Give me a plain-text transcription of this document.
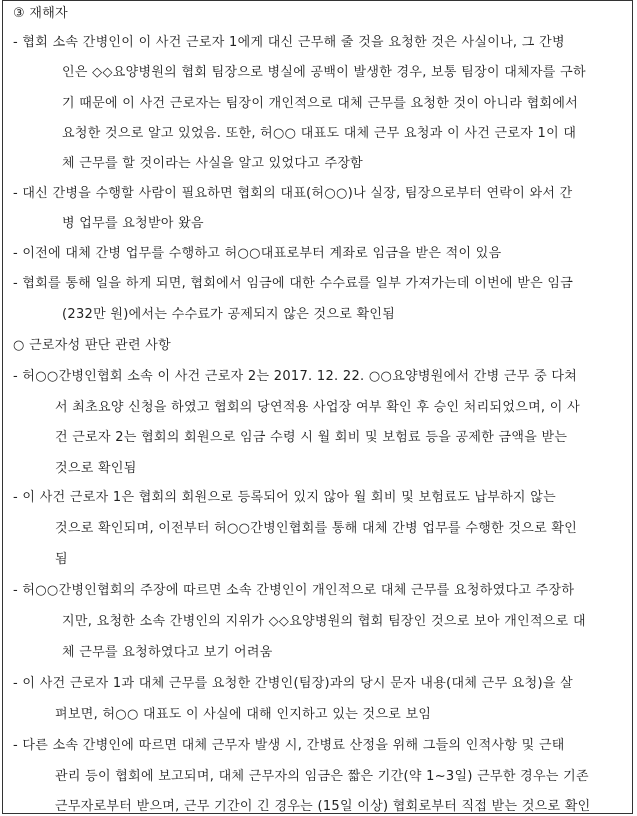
③ 재해자
- 협회 소속 간병인이 이 사건 근로자 1에게 대신 근무해 줄 것을 요청한 것은 사실이나, 그 간병
인은 ◇◇요양병원의 협회 팀장으로 병실에 공백이 발생한 경우, 보통 팀장이 대체자를 구하
기 때문에 이 사건 근로자는 팀장이 개인적으로 대체 근무를 요청한 것이 아니라 협회에서
요청한 것으로 알고 있었음. 또한, 허○○ 대표도 대체 근무 요청과 이 사건 근로자 1이 대
체 근무를 할 것이라는 사실을 알고 있었다고 주장함
- 대신 간병을 수행할 사람이 필요하면 협회의 대표(허○○)나 실장, 팀장으로부터 연락이 와서 간
병 업무를 요청받아 왔음
- 이전에 대체 간병 업무를 수행하고 허○○대표로부터 계좌로 임금을 받은 적이 있음
- 협회를 통해 일을 하게 되면, 협회에서 임금에 대한 수수료를 일부 가져가는데 이번에 받은 임금
(232만 원)에서는 수수료가 공제되지 않은 것으로 확인됨
○ 근로자성 판단 관련 사항
- 허○○간병인협회 소속 이 사건 근로자 2는 2017. 12. 22. ○○요양병원에서 간병 근무 중 다쳐
서 최초요양 신청을 하였고 협회의 당연적용 사업장 여부 확인 후 승인 처리되었으며, 이 사
건 근로자 2는 협회의 회원으로 임금 수령 시 월 회비 및 보험료 등을 공제한 금액을 받는
것으로 확인됨
- 이 사건 근로자 1은 협회의 회원으로 등록되어 있지 않아 월 회비 및 보험료도 납부하지 않는
것으로 확인되며, 이전부터 허○○간병인협회를 통해 대체 간병 업무를 수행한 것으로 확인
됨
- 허○○간병인협회의 주장에 따르면 소속 간병인이 개인적으로 대체 근무를 요청하였다고 주장하
지만, 요청한 소속 간병인의 지위가 ◇◇요양병원의 협회 팀장인 것으로 보아 개인적으로 대
체 근무를 요청하였다고 보기 어려움
- 이 사건 근로자 1과 대체 근무를 요청한 간병인(팀장)과의 당시 문자 내용(대체 근무 요청)을 살
펴보면, 허○○ 대표도 이 사실에 대해 인지하고 있는 것으로 보임
- 다른 소속 간병인에 따르면 대체 근무자 발생 시, 간병료 산정을 위해 그들의 인적사항 및 근태
관리 등이 협회에 보고되며, 대체 근무자의 임금은 짧은 기간(약 1~3일) 근무한 경우는 기존
근무자로부터 받으며, 근무 기간이 긴 경우는 (15일 이상) 협회로부터 직접 받는 것으로 확인
